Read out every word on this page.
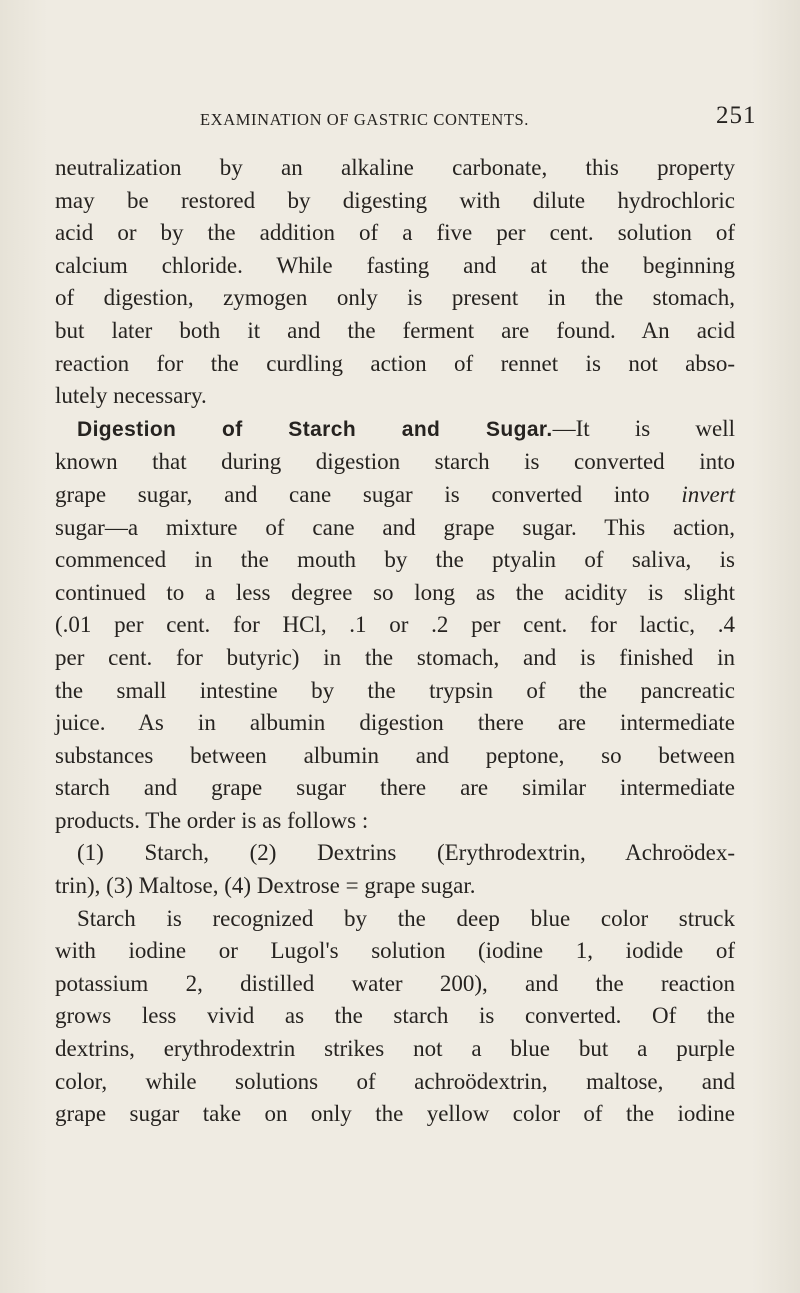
EXAMINATION OF GASTRIC CONTENTS.	251
neutralization by an alkaline carbonate, this property
may be restored by digesting with dilute hydrochloric
acid or by the addition of a five per cent. solution of
calcium chloride. While fasting and at the beginning
of digestion, zymogen only is present in the stomach,
but later both it and the ferment are found. An acid
reaction for the curdling action of rennet is not abso-
lutely necessary.
Digestion of Starch and Sugar.—It is well
known that during digestion starch is converted into
grape sugar, and cane sugar is converted into invert
sugar—a mixture of cane and grape sugar. This action,
commenced in the mouth by the ptyalin of saliva, is
continued to a less degree so long as the acidity is slight
(.01 per cent. for HCl, .1 or .2 per cent. for lactic, .4
per cent. for butyric) in the stomach, and is finished in
the small intestine by the trypsin of the pancreatic
juice. As in albumin digestion there are intermediate
substances between albumin and peptone, so between
starch and grape sugar there are similar intermediate
products. The order is as follows :
(1) Starch, (2) Dextrins (Erythrodextrin, Achroödex-
trin), (3) Maltose, (4) Dextrose = grape sugar.
Starch is recognized by the deep blue color struck
with iodine or Lugol's solution (iodine 1, iodide of
potassium 2, distilled water 200), and the reaction
grows less vivid as the starch is converted. Of the
dextrins, erythrodextrin strikes not a blue but a purple
color, while solutions of achroödextrin, maltose, and
grape sugar take on only the yellow color of the iodine
